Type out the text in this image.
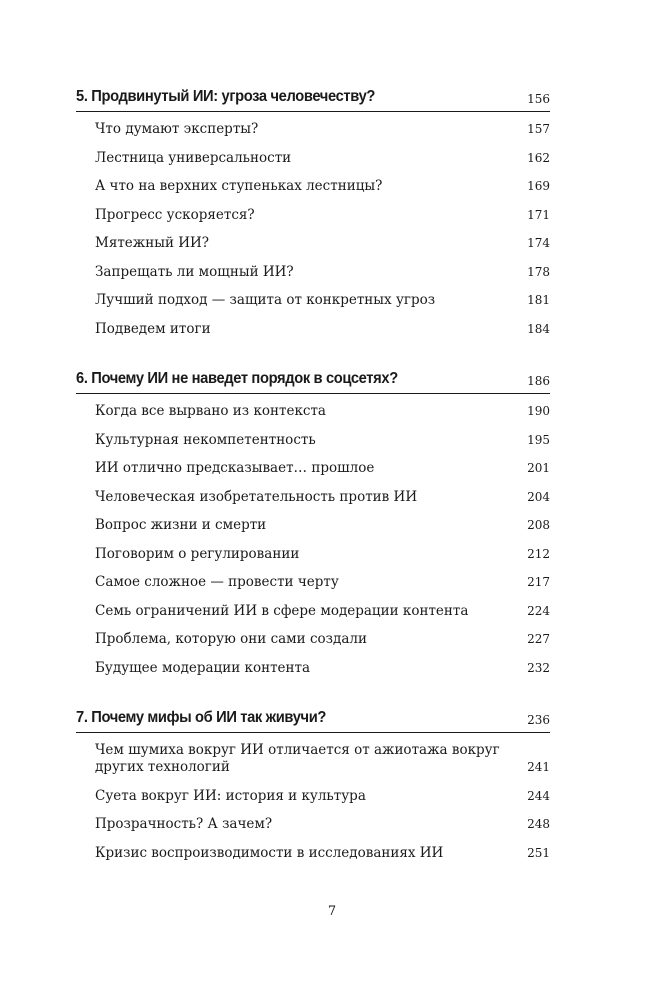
5. Продвинутый ИИ: угроза человечеству?	156
Что думают эксперты?	157
Лестница универсальности	162
А что на верхних ступеньках лестницы?	169
Прогресс ускоряется?	171
Мятежный ИИ?	174
Запрещать ли мощный ИИ?	178
Лучший подход — защита от конкретных угроз	181
Подведем итоги	184
6. Почему ИИ не наведет порядок в соцсетях?	186
Когда все вырвано из контекста	190
Культурная некомпетентность	195
ИИ отлично предсказывает… прошлое	201
Человеческая изобретательность против ИИ	204
Вопрос жизни и смерти	208
Поговорим о регулировании	212
Самое сложное — провести черту	217
Семь ограничений ИИ в сфере модерации контента	224
Проблема, которую они сами создали	227
Будущее модерации контента	232
7. Почему мифы об ИИ так живучи?	236
Чем шумиха вокруг ИИ отличается от ажиотажа вокруг других технологий	241
Суета вокруг ИИ: история и культура	244
Прозрачность? А зачем?	248
Кризис воспроизводимости в исследованиях ИИ	251
7
